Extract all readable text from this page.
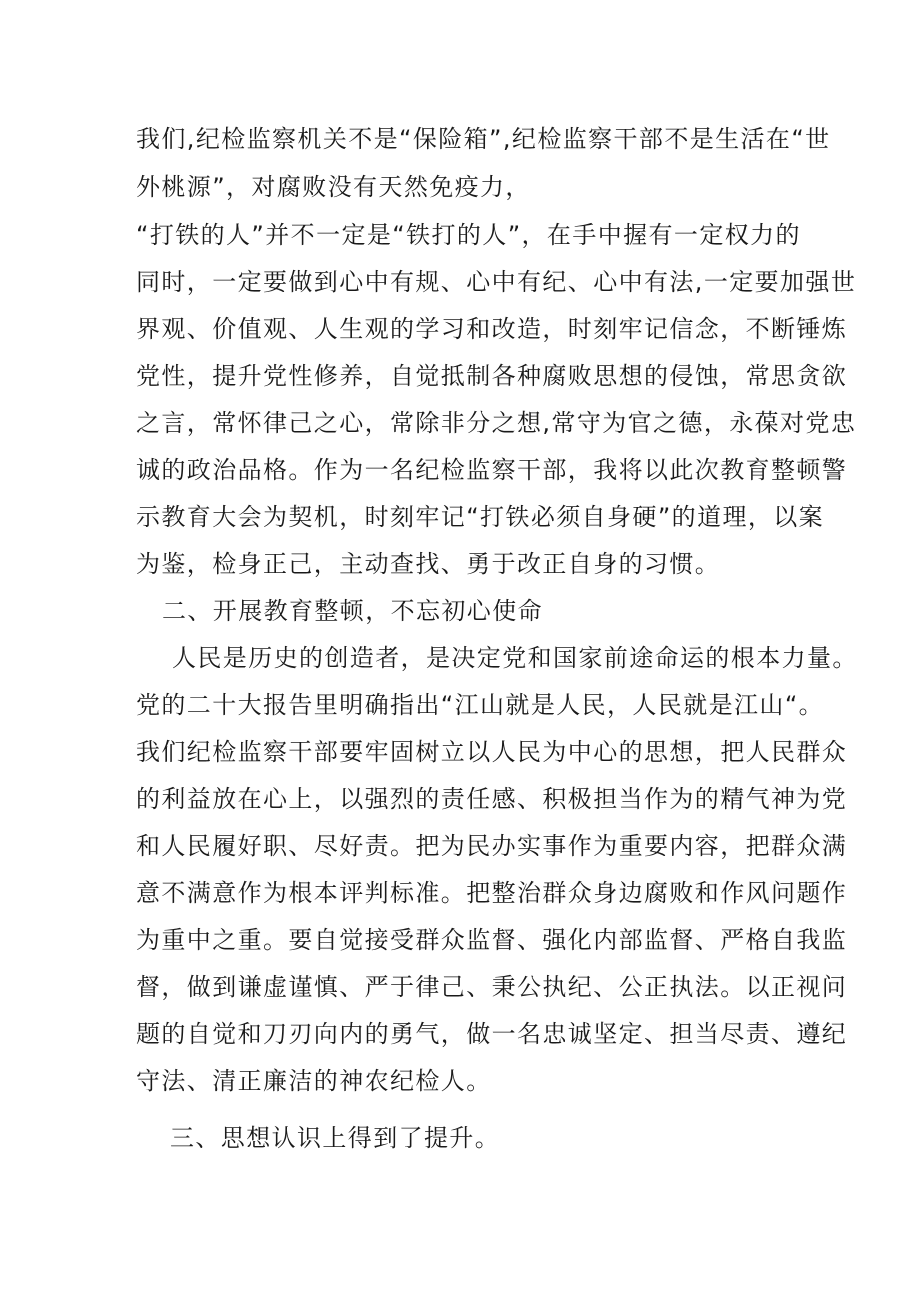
我们,纪检监察机关不是“保险箱”,纪检监察干部不是生活在“世
外桃源”，对腐败没有天然免疫力，
“打铁的人”并不一定是“铁打的人”，在手中握有一定权力的
同时，一定要做到心中有规、心中有纪、心中有法,一定要加强世
界观、价值观、人生观的学习和改造，时刻牢记信念，不断锤炼
党性，提升党性修养，自觉抵制各种腐败思想的侵蚀，常思贪欲
之言，常怀律己之心，常除非分之想,常守为官之德，永葆对党忠
诚的政治品格。作为一名纪检监察干部，我将以此次教育整顿警
示教育大会为契机，时刻牢记“打铁必须自身硬”的道理，以案
为鉴，检身正己，主动查找、勇于改正自身的习惯。
二、开展教育整顿，不忘初心使命
人民是历史的创造者，是决定党和国家前途命运的根本力量。
党的二十大报告里明确指出“江山就是人民，人民就是江山“。
我们纪检监察干部要牢固树立以人民为中心的思想，把人民群众
的利益放在心上，以强烈的责任感、积极担当作为的精气神为党
和人民履好职、尽好责。把为民办实事作为重要内容，把群众满
意不满意作为根本评判标准。把整治群众身边腐败和作风问题作
为重中之重。要自觉接受群众监督、强化内部监督、严格自我监
督，做到谦虚谨慎、严于律己、秉公执纪、公正执法。以正视问
题的自觉和刀刃向内的勇气，做一名忠诚坚定、担当尽责、遵纪
守法、清正廉洁的神农纪检人。
三、思想认识上得到了提升。
